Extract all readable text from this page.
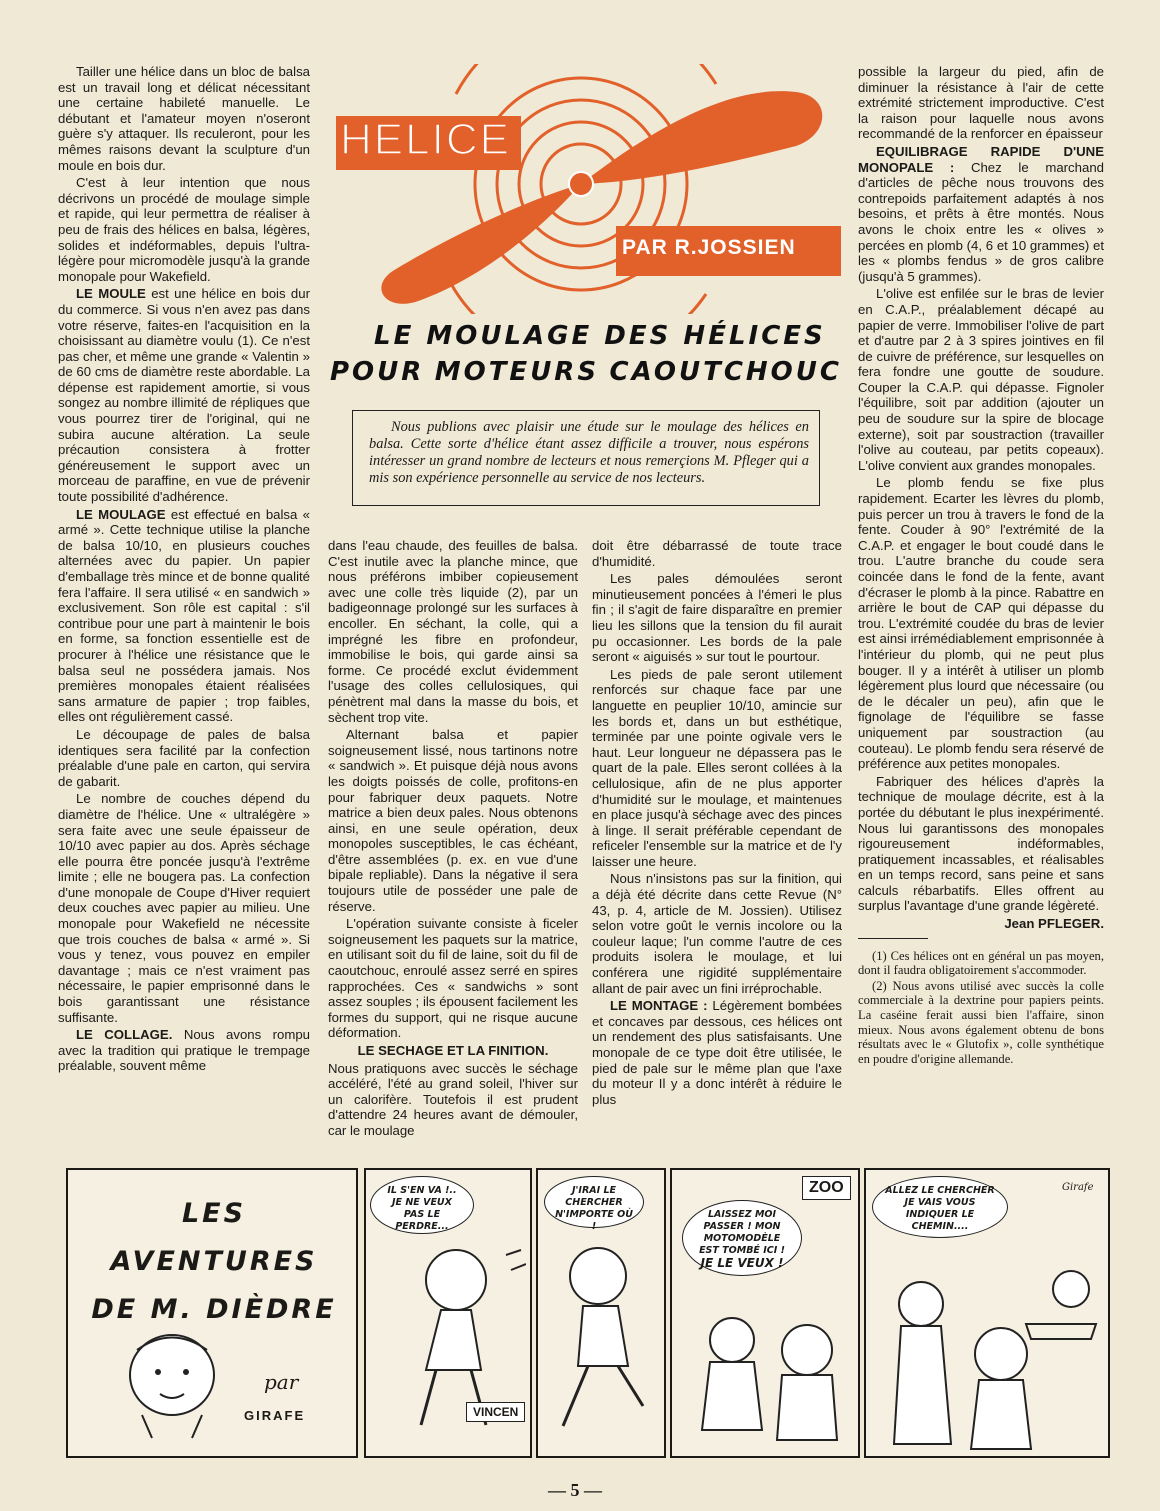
Tailler une hélice dans un bloc de balsa est un travail long et délicat nécessitant une certaine habileté manuelle. Le débutant et l'amateur moyen n'oseront guère s'y attaquer. Ils reculeront, pour les mêmes raisons devant la sculpture d'un moule en bois dur.

C'est à leur intention que nous décrivons un procédé de moulage simple et rapide, qui leur permettra de réaliser à peu de frais des hélices en balsa, légères, solides et indéformables, depuis l'ultra-légère pour micromodèle jusqu'à la grande monopale pour Wakefield.

LE MOULE est une hélice en bois dur du commerce. Si vous n'en avez pas dans votre réserve, faites-en l'acquisition en la choisissant au diamètre voulu (1). Ce n'est pas cher, et même une grande « Valentin » de 60 cms de diamètre reste abordable. La dépense est rapidement amortie, si vous songez au nombre illimité de répliques que vous pourrez tirer de l'original, qui ne subira aucune altération. La seule précaution consistera à frotter généreusement le support avec un morceau de paraffine, en vue de prévenir toute possibilité d'adhérence.

LE MOULAGE est effectué en balsa « armé ». Cette technique utilise la planche de balsa 10/10, en plusieurs couches alternées avec du papier. Un papier d'emballage très mince et de bonne qualité fera l'affaire. Il sera utilisé « en sandwich » exclusivement. Son rôle est capital : s'il contribue pour une part à maintenir le bois en forme, sa fonction essentielle est de procurer à l'hélice une résistance que le balsa seul ne possédera jamais. Nos premières monopales étaient réalisées sans armature de papier ; trop faibles, elles ont régulièrement cassé.

Le découpage de pales de balsa identiques sera facilité par la confection préalable d'une pale en carton, qui servira de gabarit.

Le nombre de couches dépend du diamètre de l'hélice. Une « ultralégère » sera faite avec une seule épaisseur de 10/10 avec papier au dos. Après séchage elle pourra être poncée jusqu'à l'extrême limite ; elle ne bougera pas. La confection d'une monopale de Coupe d'Hiver requiert deux couches avec papier au milieu. Une monopale pour Wakefield ne nécessite que trois couches de balsa « armé ». Si vous y tenez, vous pouvez en empiler davantage ; mais ce n'est vraiment pas nécessaire, le papier emprisonné dans le bois garantissant une résistance suffisante.

LE COLLAGE. Nous avons rompu avec la tradition qui pratique le trempage préalable, souvent même

HELICE
PAR R.JOSSIEN
LE MOULAGE DES HÉLICES
POUR MOTEURS CAOUTCHOUC
Nous publions avec plaisir une étude sur le moulage des hélices en balsa. Cette sorte d'hélice étant assez difficile a trouver, nous espérons intéresser un grand nombre de lecteurs et nous remerçions M. Pfleger qui a mis son expérience personnelle au service de nos lecteurs.

dans l'eau chaude, des feuilles de balsa. C'est inutile avec la planche mince, que nous préférons imbiber copieusement avec une colle très liquide (2), par un badigeonnage prolongé sur les surfaces à encoller. En séchant, la colle, qui a imprégné les fibre en profondeur, immobilise le bois, qui garde ainsi sa forme. Ce procédé exclut évidemment l'usage des colles cellulosiques, qui pénètrent mal dans la masse du bois, et sèchent trop vite.

Alternant balsa et papier soigneusement lissé, nous tartinons notre « sandwich ». Et puisque déjà nous avons les doigts poissés de colle, profitons-en pour fabriquer deux paquets. Notre matrice a bien deux pales. Nous obtenons ainsi, en une seule opération, deux monopoles susceptibles, le cas échéant, d'être assemblées (p. ex. en vue d'une bipale repliable). Dans la négative il sera toujours utile de posséder une pale de réserve.

L'opération suivante consiste à ficeler soigneusement les paquets sur la matrice, en utilisant soit du fil de laine, soit du fil de caoutchouc, enroulé assez serré en spires rapprochées. Ces « sandwichs » sont assez souples ; ils épousent facilement les formes du support, qui ne risque aucune déformation.

LE SECHAGE ET LA FINITION.

Nous pratiquons avec succès le séchage accéléré, l'été au grand soleil, l'hiver sur un calorifère. Toutefois il est prudent d'attendre 24 heures avant de démouler, car le moulage

doit être débarrassé de toute trace d'humidité.

Les pales démoulées seront minutieusement poncées à l'émeri le plus fin ; il s'agit de faire disparaître en premier lieu les sillons que la tension du fil aurait pu occasionner. Les bords de la pale seront « aiguisés » sur tout le pourtour.

Les pieds de pale seront utilement renforcés sur chaque face par une languette en peuplier 10/10, amincie sur les bords et, dans un but esthétique, terminée par une pointe ogivale vers le haut. Leur longueur ne dépassera pas le quart de la pale. Elles seront collées à la cellulosique, afin de ne plus apporter d'humidité sur le moulage, et maintenues en place jusqu'à séchage avec des pinces à linge. Il serait préférable cependant de reficeler l'ensemble sur la matrice et de l'y laisser une heure.

Nous n'insistons pas sur la finition, qui a déjà été décrite dans cette Revue (N° 43, p. 4, article de M. Jossien). Utilisez selon votre goût le vernis incolore ou la couleur laque; l'un comme l'autre de ces produits isolera le moulage, et lui conférera une rigidité supplémentaire allant de pair avec un fini irréprochable.

LE MONTAGE : Légèrement bombées et concaves par dessous, ces hélices ont un rendement des plus satisfaisants. Une monopale de ce type doit être utilisée, le pied de pale sur le même plan que l'axe du moteur Il y a donc intérêt à réduire le plus

possible la largeur du pied, afin de diminuer la résistance à l'air de cette extrémité strictement improductive. C'est la raison pour laquelle nous avons recommandé de la renforcer en épaisseur

EQUILIBRAGE RAPIDE D'UNE MONOPALE : Chez le marchand d'articles de pêche nous trouvons des contrepoids parfaitement adaptés à nos besoins, et prêts à être montés. Nous avons le choix entre les « olives » percées en plomb (4, 6 et 10 grammes) et les « plombs fendus » de gros calibre (jusqu'à 5 grammes).

L'olive est enfilée sur le bras de levier en C.A.P., préalablement décapé au papier de verre. Immobiliser l'olive de part et d'autre par 2 à 3 spires jointives en fil de cuivre de préférence, sur lesquelles on fera fondre une goutte de soudure. Couper la C.A.P. qui dépasse. Fignoler l'équilibre, soit par addition (ajouter un peu de soudure sur la spire de blocage externe), soit par soustraction (travailler l'olive au couteau, par petits copeaux). L'olive convient aux grandes monopales.

Le plomb fendu se fixe plus rapidement. Ecarter les lèvres du plomb, puis percer un trou à travers le fond de la fente. Couder à 90° l'extrémité de la C.A.P. et engager le bout coudé dans le trou. L'autre branche du coude sera coincée dans le fond de la fente, avant d'écraser le plomb à la pince. Rabattre en arrière le bout de CAP qui dépasse du trou. L'extrémité coudée du bras de levier est ainsi irrémédiablement emprisonnée à l'intérieur du plomb, qui ne peut plus bouger. Il y a intérêt à utiliser un plomb légèrement plus lourd que nécessaire (ou de le décaler un peu), afin que le fignolage de l'équilibre se fasse uniquement par soustraction (au couteau). Le plomb fendu sera réservé de préférence aux petites monopales.

Fabriquer des hélices d'après la technique de moulage décrite, est à la portée du débutant le plus inexpérimenté. Nous lui garantissons des monopales rigoureusement indéformables, pratiquement incassables, et réalisables en un temps record, sans peine et sans calculs rébarbatifs. Elles offrent au surplus l'avantage d'une grande légèreté.

Jean PFLEGER.

(1) Ces hélices ont en général un pas moyen, dont il faudra obligatoirement s'accommoder.

(2) Nous avons utilisé avec succès la colle commerciale à la dextrine pour papiers peints. La caséine ferait aussi bien l'affaire, sinon mieux. Nous avons également obtenu de bons résultats avec le « Glutofix », colle synthétique en poudre d'origine allemande.

LES AVENTURES
DE M. DIÈDRE
par
GIRAFE
IL S'EN VA !.. JE NE VEUX PAS LE PERDRE...
VINCEN
J'IRAI LE CHERCHER N'IMPORTE OÙ !
LAISSEZ MOI PASSER ! MON MOTOMODÈLE EST TOMBÉ ICI !
JE LE VEUX !
ZOO	ALLEZ LE CHERCHER JE VAIS VOUS INDIQUER LE CHEMIN....
Girafe
— 5 —
